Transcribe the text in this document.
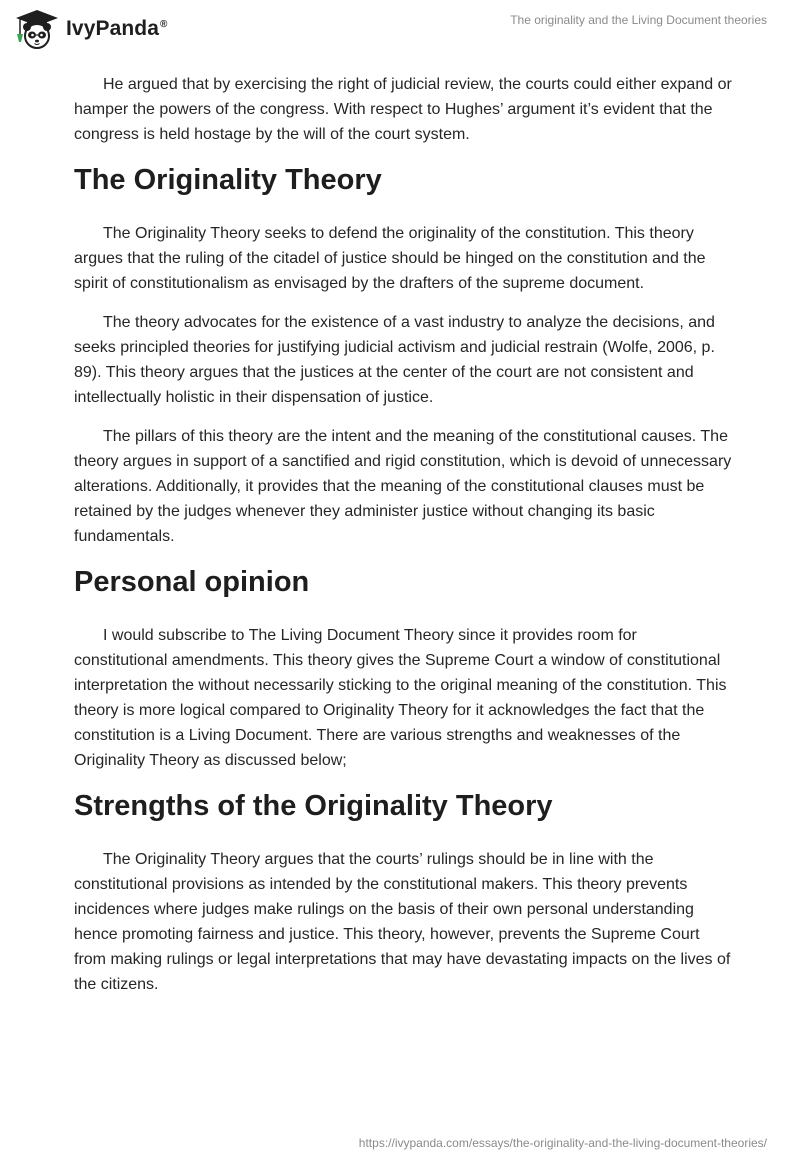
IvyPanda®	The originality and the Living Document theories

He argued that by exercising the right of judicial review, the courts could either expand or hamper the powers of the congress. With respect to Hughes’ argument it’s evident that the congress is held hostage by the will of the court system.

The Originality Theory

The Originality Theory seeks to defend the originality of the constitution. This theory argues that the ruling of the citadel of justice should be hinged on the constitution and the spirit of constitutionalism as envisaged by the drafters of the supreme document.

The theory advocates for the existence of a vast industry to analyze the decisions, and seeks principled theories for justifying judicial activism and judicial restrain (Wolfe, 2006, p. 89). This theory argues that the justices at the center of the court are not consistent and intellectually holistic in their dispensation of justice.

The pillars of this theory are the intent and the meaning of the constitutional causes. The theory argues in support of a sanctified and rigid constitution, which is devoid of unnecessary alterations. Additionally, it provides that the meaning of the constitutional clauses must be retained by the judges whenever they administer justice without changing its basic fundamentals.

Personal opinion

I would subscribe to The Living Document Theory since it provides room for constitutional amendments. This theory gives the Supreme Court a window of constitutional interpretation the without necessarily sticking to the original meaning of the constitution. This theory is more logical compared to Originality Theory for it acknowledges the fact that the constitution is a Living Document. There are various strengths and weaknesses of the Originality Theory as discussed below;

Strengths of the Originality Theory

The Originality Theory argues that the courts’ rulings should be in line with the constitutional provisions as intended by the constitutional makers. This theory prevents incidences where judges make rulings on the basis of their own personal understanding hence promoting fairness and justice. This theory, however, prevents the Supreme Court from making rulings or legal interpretations that may have devastating impacts on the lives of the citizens.

https://ivypanda.com/essays/the-originality-and-the-living-document-theories/
